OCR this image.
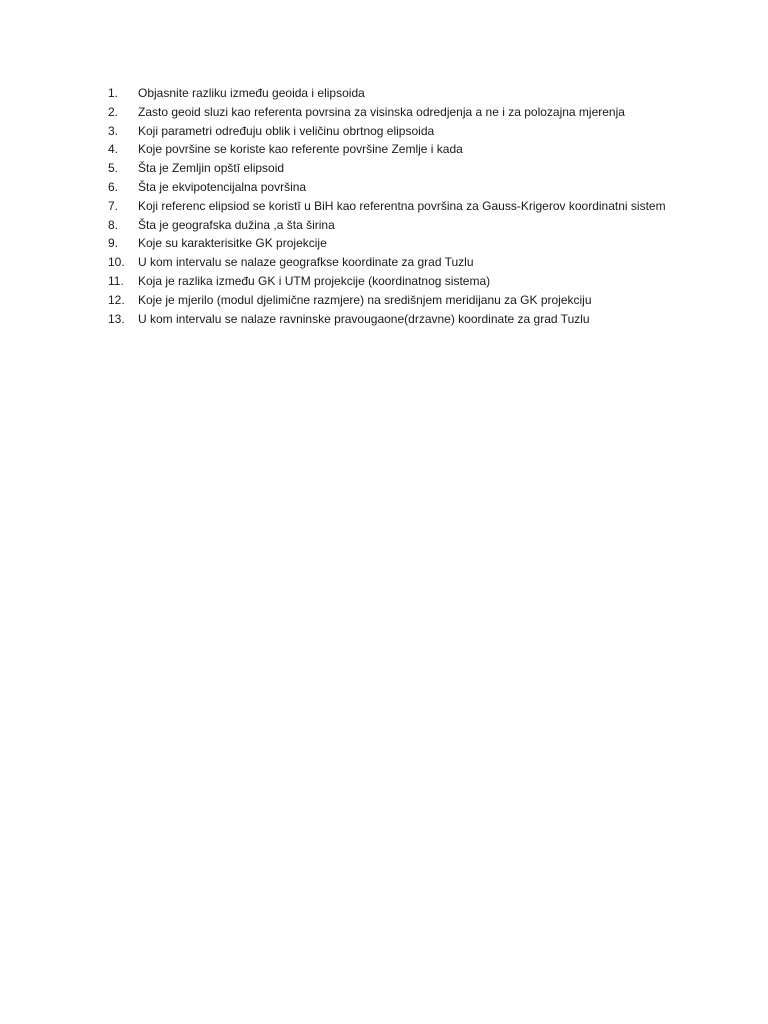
1.	Objasnite razliku između geoida i elipsoida
2.	Zasto geoid sluzi kao referenta povrsina za visinska odredjenja a ne i za polozajna mjerenja
3.	Koji parametri određuju oblik i veličinu obrtnog elipsoida
4.	Koje površine se koriste kao referente površine Zemlje i kada
5.	Šta je Zemljin opštī elipsoid
6.	Šta je ekvipotencijalna površina
7.	Koji referenc elipsiod se koristī u BiH kao referentna površina za Gauss-Krigerov koordinatni sistem
8.	Šta je geografska dužina ,a šta širina
9.	Koje su karakterisitke GK projekcije
10.	U kom intervalu se nalaze geografkse koordinate za grad Tuzlu
11.	Koja je razlika između GK i UTM projekcije (koordinatnog sistema)
12.	Koje je mjerilo (modul djelimične razmjere) na središnjem meridijanu za GK projekciju
13.	U kom intervalu se nalaze ravninske pravougaone(drzavne) koordinate za grad Tuzlu
